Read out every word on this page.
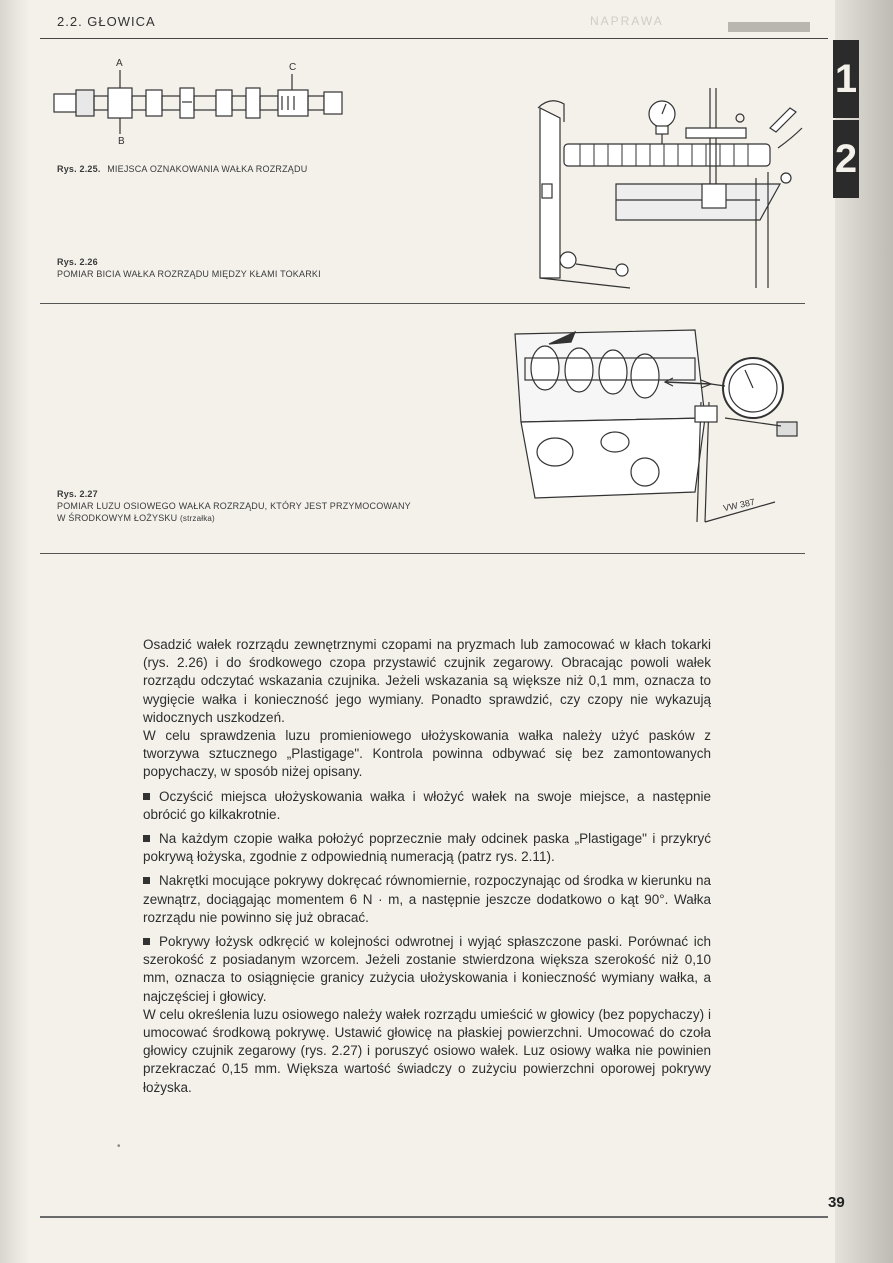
2.2. GŁOWICA	NAPRAWA
1
2
A	C
B
Rys. 2.25. MIEJSCA OZNAKOWANIA WAŁKA ROZRZĄDU
Rys. 2.26
POMIAR BICIA WAŁKA ROZRZĄDU MIĘDZY KŁAMI TOKARKI
VW 387
Rys. 2.27
POMIAR LUZU OSIOWEGO WAŁKA ROZRZĄDU, KTÓRY JEST PRZYMOCOWANY
W ŚRODKOWYM ŁOŻYSKU (strzałka)

Osadzić wałek rozrządu zewnętrznymi czopami na pryzmach lub zamocować w kłach tokarki (rys. 2.26) i do środkowego czopa przystawić czujnik zegarowy. Obracając powoli wałek rozrządu odczytać wskazania czujnika. Jeżeli wskazania są większe niż 0,1 mm, oznacza to wygięcie wałka i konieczność jego wymiany. Ponadto sprawdzić, czy czopy nie wykazują widocznych uszkodzeń.

W celu sprawdzenia luzu promieniowego ułożyskowania wałka należy użyć pasków z tworzywa sztucznego „Plastigage". Kontrola powinna odbywać się bez zamontowanych popychaczy, w sposób niżej opisany.

Oczyścić miejsca ułożyskowania wałka i włożyć wałek na swoje miejsce, a następnie obrócić go kilkakrotnie.

Na każdym czopie wałka położyć poprzecznie mały odcinek paska „Plastigage" i przykryć pokrywą łożyska, zgodnie z odpowiednią numeracją (patrz rys. 2.11).

Nakrętki mocujące pokrywy dokręcać równomiernie, rozpoczynając od środka w kierunku na zewnątrz, dociągając momentem 6 N · m, a następnie jeszcze dodatkowo o kąt 90°. Wałka rozrządu nie powinno się już obracać.

Pokrywy łożysk odkręcić w kolejności odwrotnej i wyjąć spłaszczone paski. Porównać ich szerokość z posiadanym wzorcem. Jeżeli zostanie stwierdzona większa szerokość niż 0,10 mm, oznacza to osiągnięcie granicy zużycia ułożyskowania i konieczność wymiany wałka, a najczęściej i głowicy.

W celu określenia luzu osiowego należy wałek rozrządu umieścić w głowicy (bez popychaczy) i umocować środkową pokrywę. Ustawić głowicę na płaskiej powierzchni. Umocować do czoła głowicy czujnik zegarowy (rys. 2.27) i poruszyć osiowo wałek. Luz osiowy wałka nie powinien przekraczać 0,15 mm. Większa wartość świadczy o zużyciu powierzchni oporowej pokrywy łożyska.

•
39
